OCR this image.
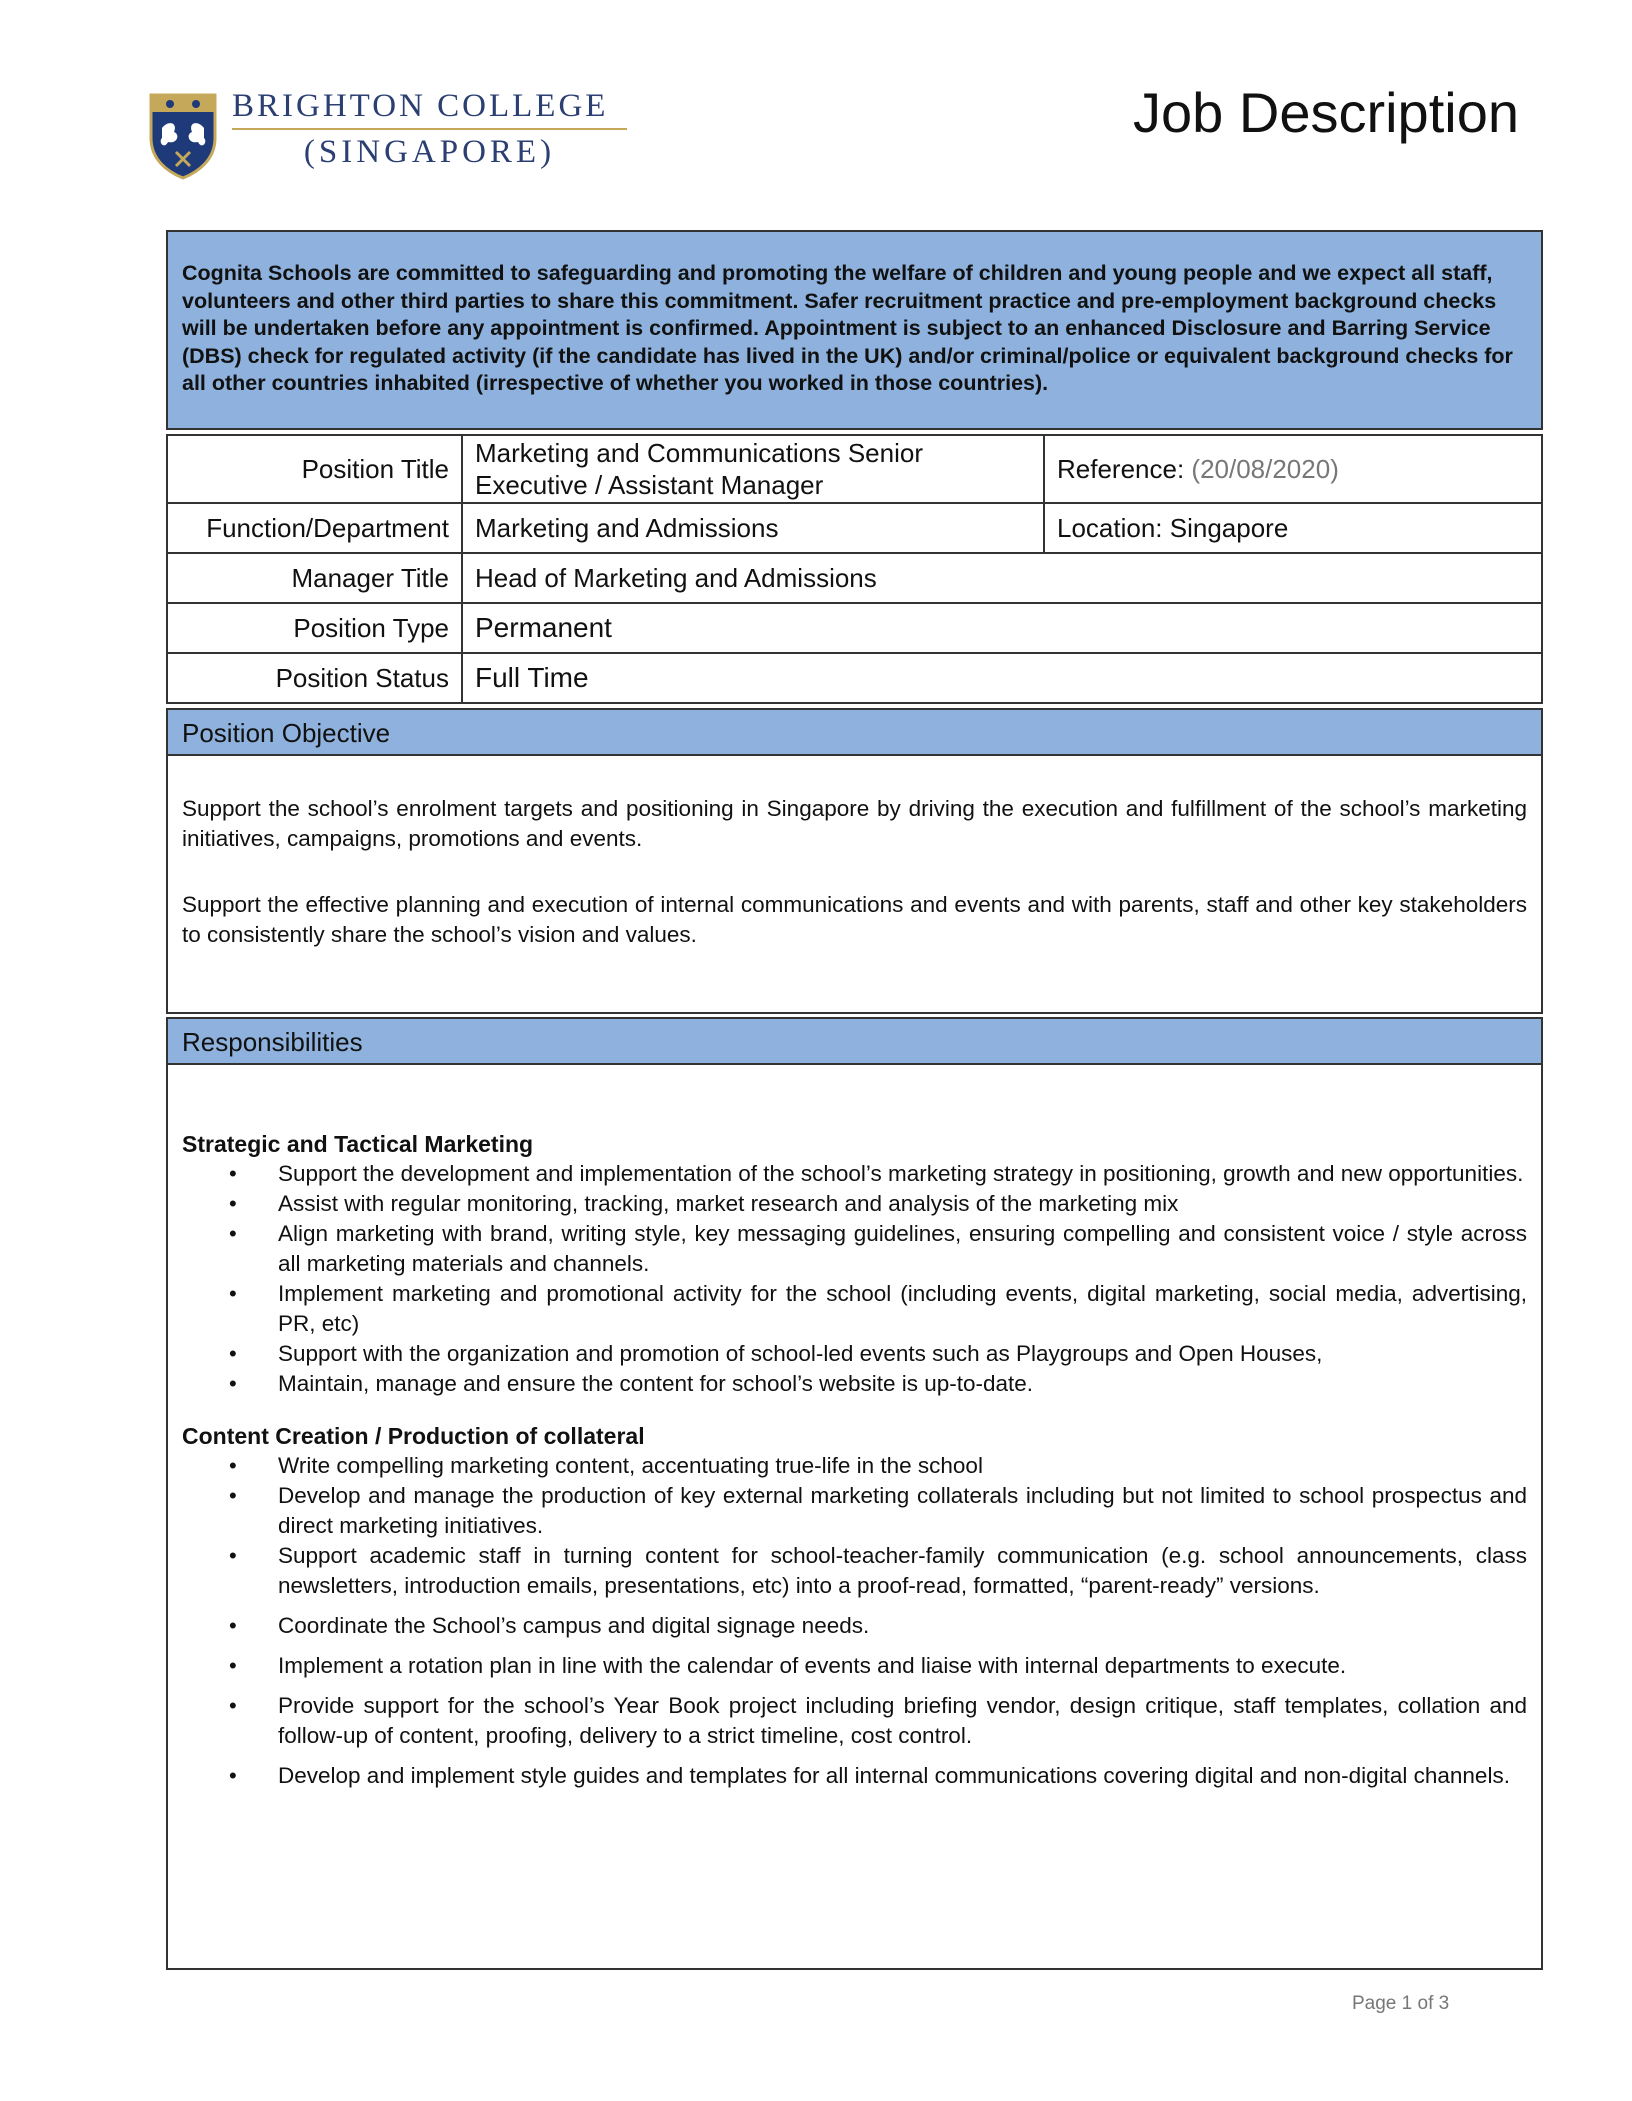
BRIGHTON COLLEGE
(SINGAPORE)
Job Description
Cognita Schools are committed to safeguarding and promoting the welfare of children and young people and we expect all staff, volunteers and other third parties to share this commitment. Safer recruitment practice and pre-employment background checks will be undertaken before any appointment is confirmed. Appointment is subject to an enhanced Disclosure and Barring Service (DBS) check for regulated activity (if the candidate has lived in the UK) and/or criminal/police or equivalent background checks for all other countries inhabited (irrespective of whether you worked in those countries).
Position Title	Marketing and Communications Senior Executive / Assistant Manager	Reference: (20/08/2020)
Function/Department	Marketing and Admissions	Location: Singapore
Manager Title	Head of Marketing and Admissions	
Position Type	Permanent	
Position Status	Full Time	
Position Objective

Support the school’s enrolment targets and positioning in Singapore by driving the execution and fulfillment of the school’s marketing initiatives, campaigns, promotions and events.

Support the effective planning and execution of internal communications and events and with parents, staff and other key stakeholders to consistently share the school’s vision and values.

Responsibilities

Strategic and Tactical Marketing

• Support the development and implementation of the school’s marketing strategy in positioning, growth and new opportunities.
• Assist with regular monitoring, tracking, market research and analysis of the marketing mix
• Align marketing with brand, writing style, key messaging guidelines, ensuring compelling and consistent voice / style across all marketing materials and channels.
• Implement marketing and promotional activity for the school (including events, digital marketing, social media, advertising, PR, etc)
• Support with the organization and promotion of school-led events such as Playgroups and Open Houses,
• Maintain, manage and ensure the content for school’s website is up-to-date.

Content Creation / Production of collateral

• Write compelling marketing content, accentuating true-life in the school
• Develop and manage the production of key external marketing collaterals including but not limited to school prospectus and direct marketing initiatives.
• Support academic staff in turning content for school-teacher-family communication (e.g. school announcements, class newsletters, introduction emails, presentations, etc) into a proof-read, formatted, “parent-ready” versions.
• Coordinate the School’s campus and digital signage needs.
• Implement a rotation plan in line with the calendar of events and liaise with internal departments to execute.
• Provide support for the school’s Year Book project including briefing vendor, design critique, staff templates, collation and follow-up of content, proofing, delivery to a strict timeline, cost control.
• Develop and implement style guides and templates for all internal communications covering digital and non-digital channels.
Page 1 of 3
